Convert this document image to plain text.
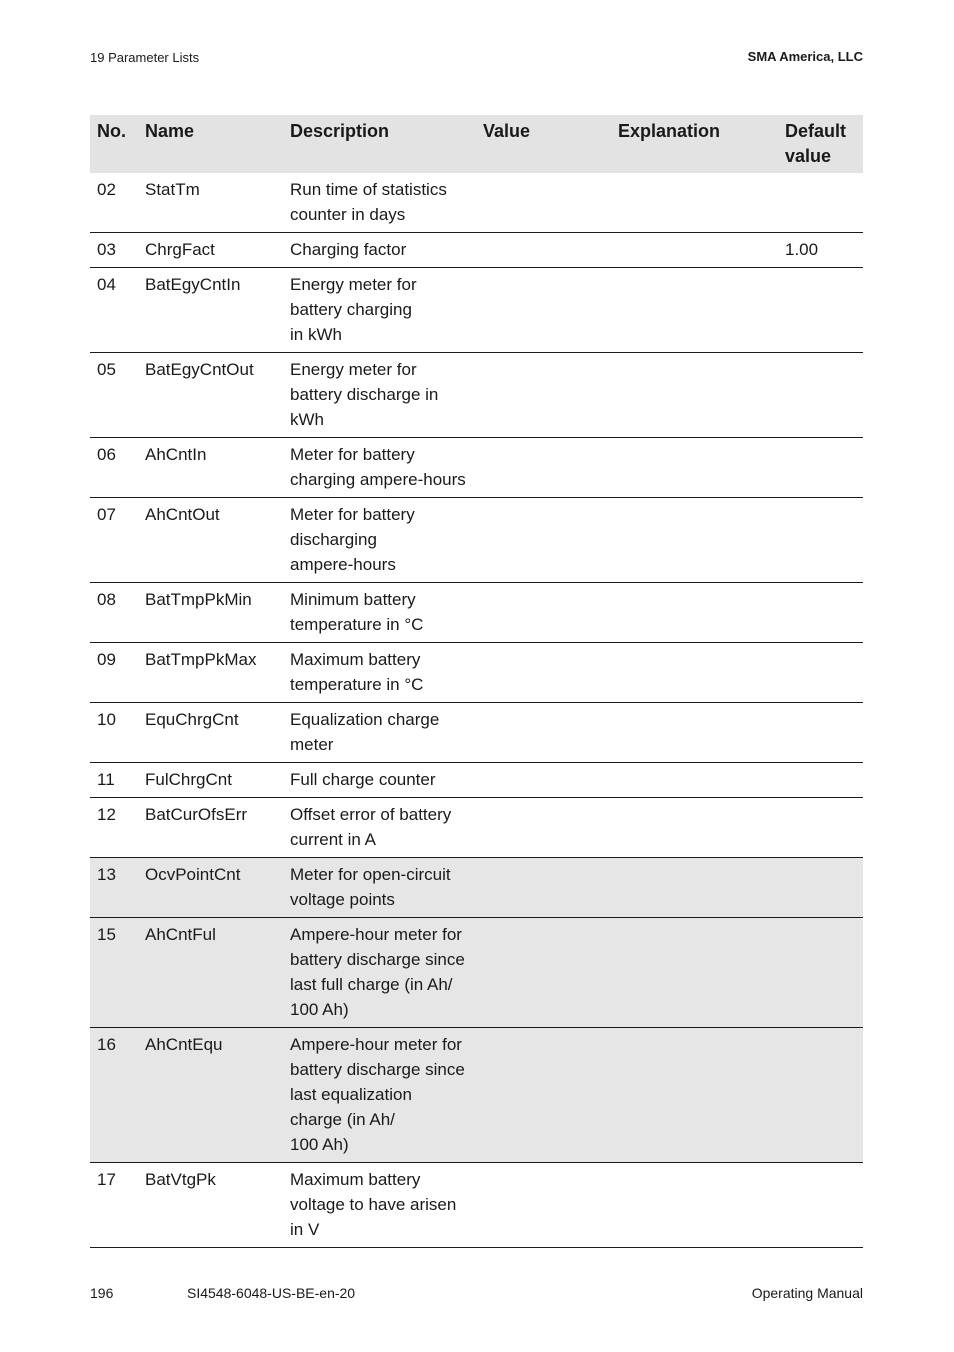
19 Parameter Lists	SMA America, LLC
No.	Name	Description	Value	Explanation	Default
value
02	StatTm	Run time of statistics
counter in days			
03	ChrgFact	Charging factor			1.00
04	BatEgyCntIn	Energy meter for
battery charging
in kWh			
05	BatEgyCntOut	Energy meter for
battery discharge in
kWh			
06	AhCntIn	Meter for battery
charging ampere-hours			
07	AhCntOut	Meter for battery
discharging
ampere-hours			
08	BatTmpPkMin	Minimum battery
temperature in °C			
09	BatTmpPkMax	Maximum battery
temperature in °C			
10	EquChrgCnt	Equalization charge
meter			
11	FulChrgCnt	Full charge counter			
12	BatCurOfsErr	Offset error of battery
current in A			
13	OcvPointCnt	Meter for open-circuit
voltage points			
15	AhCntFul	Ampere-hour meter for
battery discharge since
last full charge (in Ah/
100 Ah)			
16	AhCntEqu	Ampere-hour meter for
battery discharge since
last equalization
charge (in Ah/
100 Ah)			
17	BatVtgPk	Maximum battery
voltage to have arisen
in V			
196	SI4548-6048-US-BE-en-20	Operating Manual
